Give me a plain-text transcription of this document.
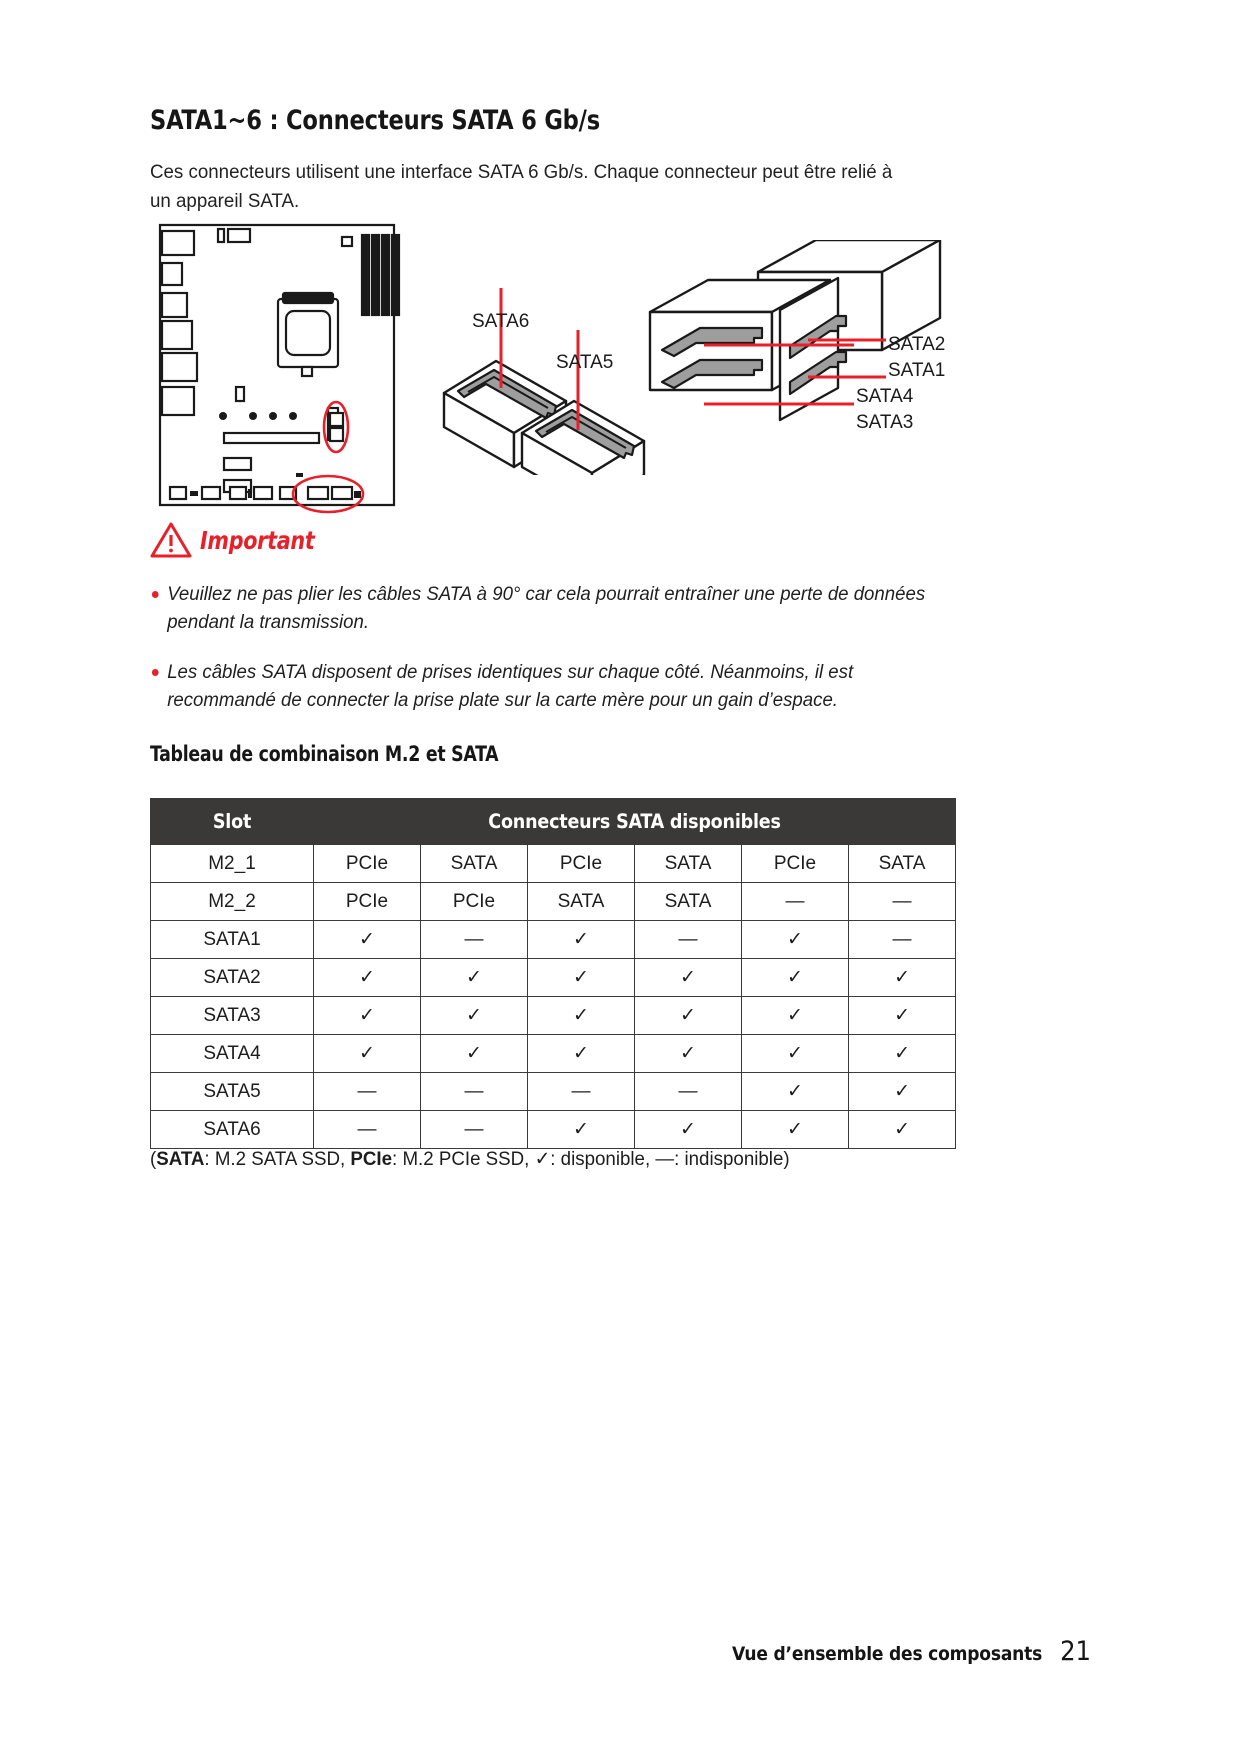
SATA1~6 : Connecteurs SATA 6 Gb/s

Ces connecteurs utilisent une interface SATA 6 Gb/s. Chaque connecteur peut être relié à un appareil SATA.

SATA6
SATA5
SATA2
SATA1
SATA4
SATA3
Important
Veuillez ne pas plier les câbles SATA à 90° car cela pourrait entraîner une perte de données pendant la transmission.
Les câbles SATA disposent de prises identiques sur chaque côté. Néanmoins, il est recommandé de connecter la prise plate sur la carte mère pour un gain d’espace.
Tableau de combinaison M.2 et SATA
Slot	Connecteurs SATA disponibles					
M2_1	PCIe	SATA	PCIe	SATA	PCIe	SATA
M2_2	PCIe	PCIe	SATA	SATA	—	—
SATA1	✓	—	✓	—	✓	—
SATA2	✓	✓	✓	✓	✓	✓
SATA3	✓	✓	✓	✓	✓	✓
SATA4	✓	✓	✓	✓	✓	✓
SATA5	—	—	—	—	✓	✓
SATA6	—	—	✓	✓	✓	✓
(SATA: M.2 SATA SSD, PCIe: M.2 PCIe SSD, ✓: disponible, —: indisponible)
Vue d’ensemble des composants 21
